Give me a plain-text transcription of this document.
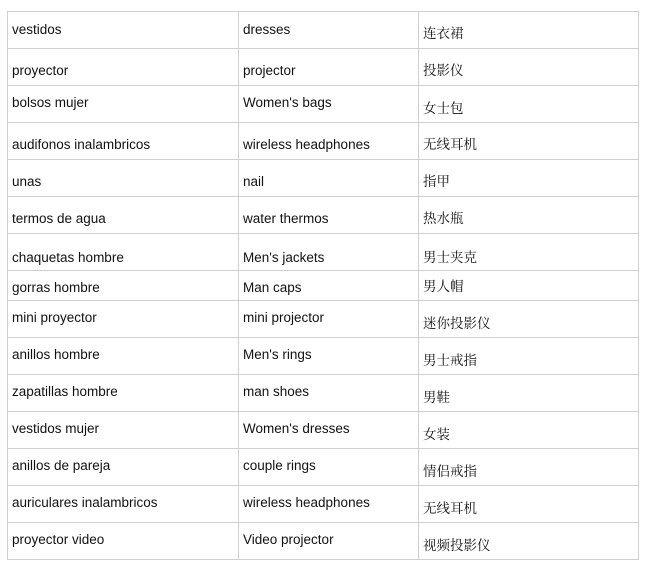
vestidos	dresses	连衣裙
proyector	projector	投影仪
bolsos mujer	Women's bags	女士包
audifonos inalambricos	wireless headphones	无线耳机
unas	nail	指甲
termos de agua	water thermos	热水瓶
chaquetas hombre	Men's jackets	男士夹克
gorras hombre	Man caps	男人帽
mini proyector	mini projector	迷你投影仪
anillos hombre	Men's rings	男士戒指
zapatillas hombre	man shoes	男鞋
vestidos mujer	Women's dresses	女装
anillos de pareja	couple rings	情侣戒指
auriculares inalambricos	wireless headphones	无线耳机
proyector video	Video projector	视频投影仪
